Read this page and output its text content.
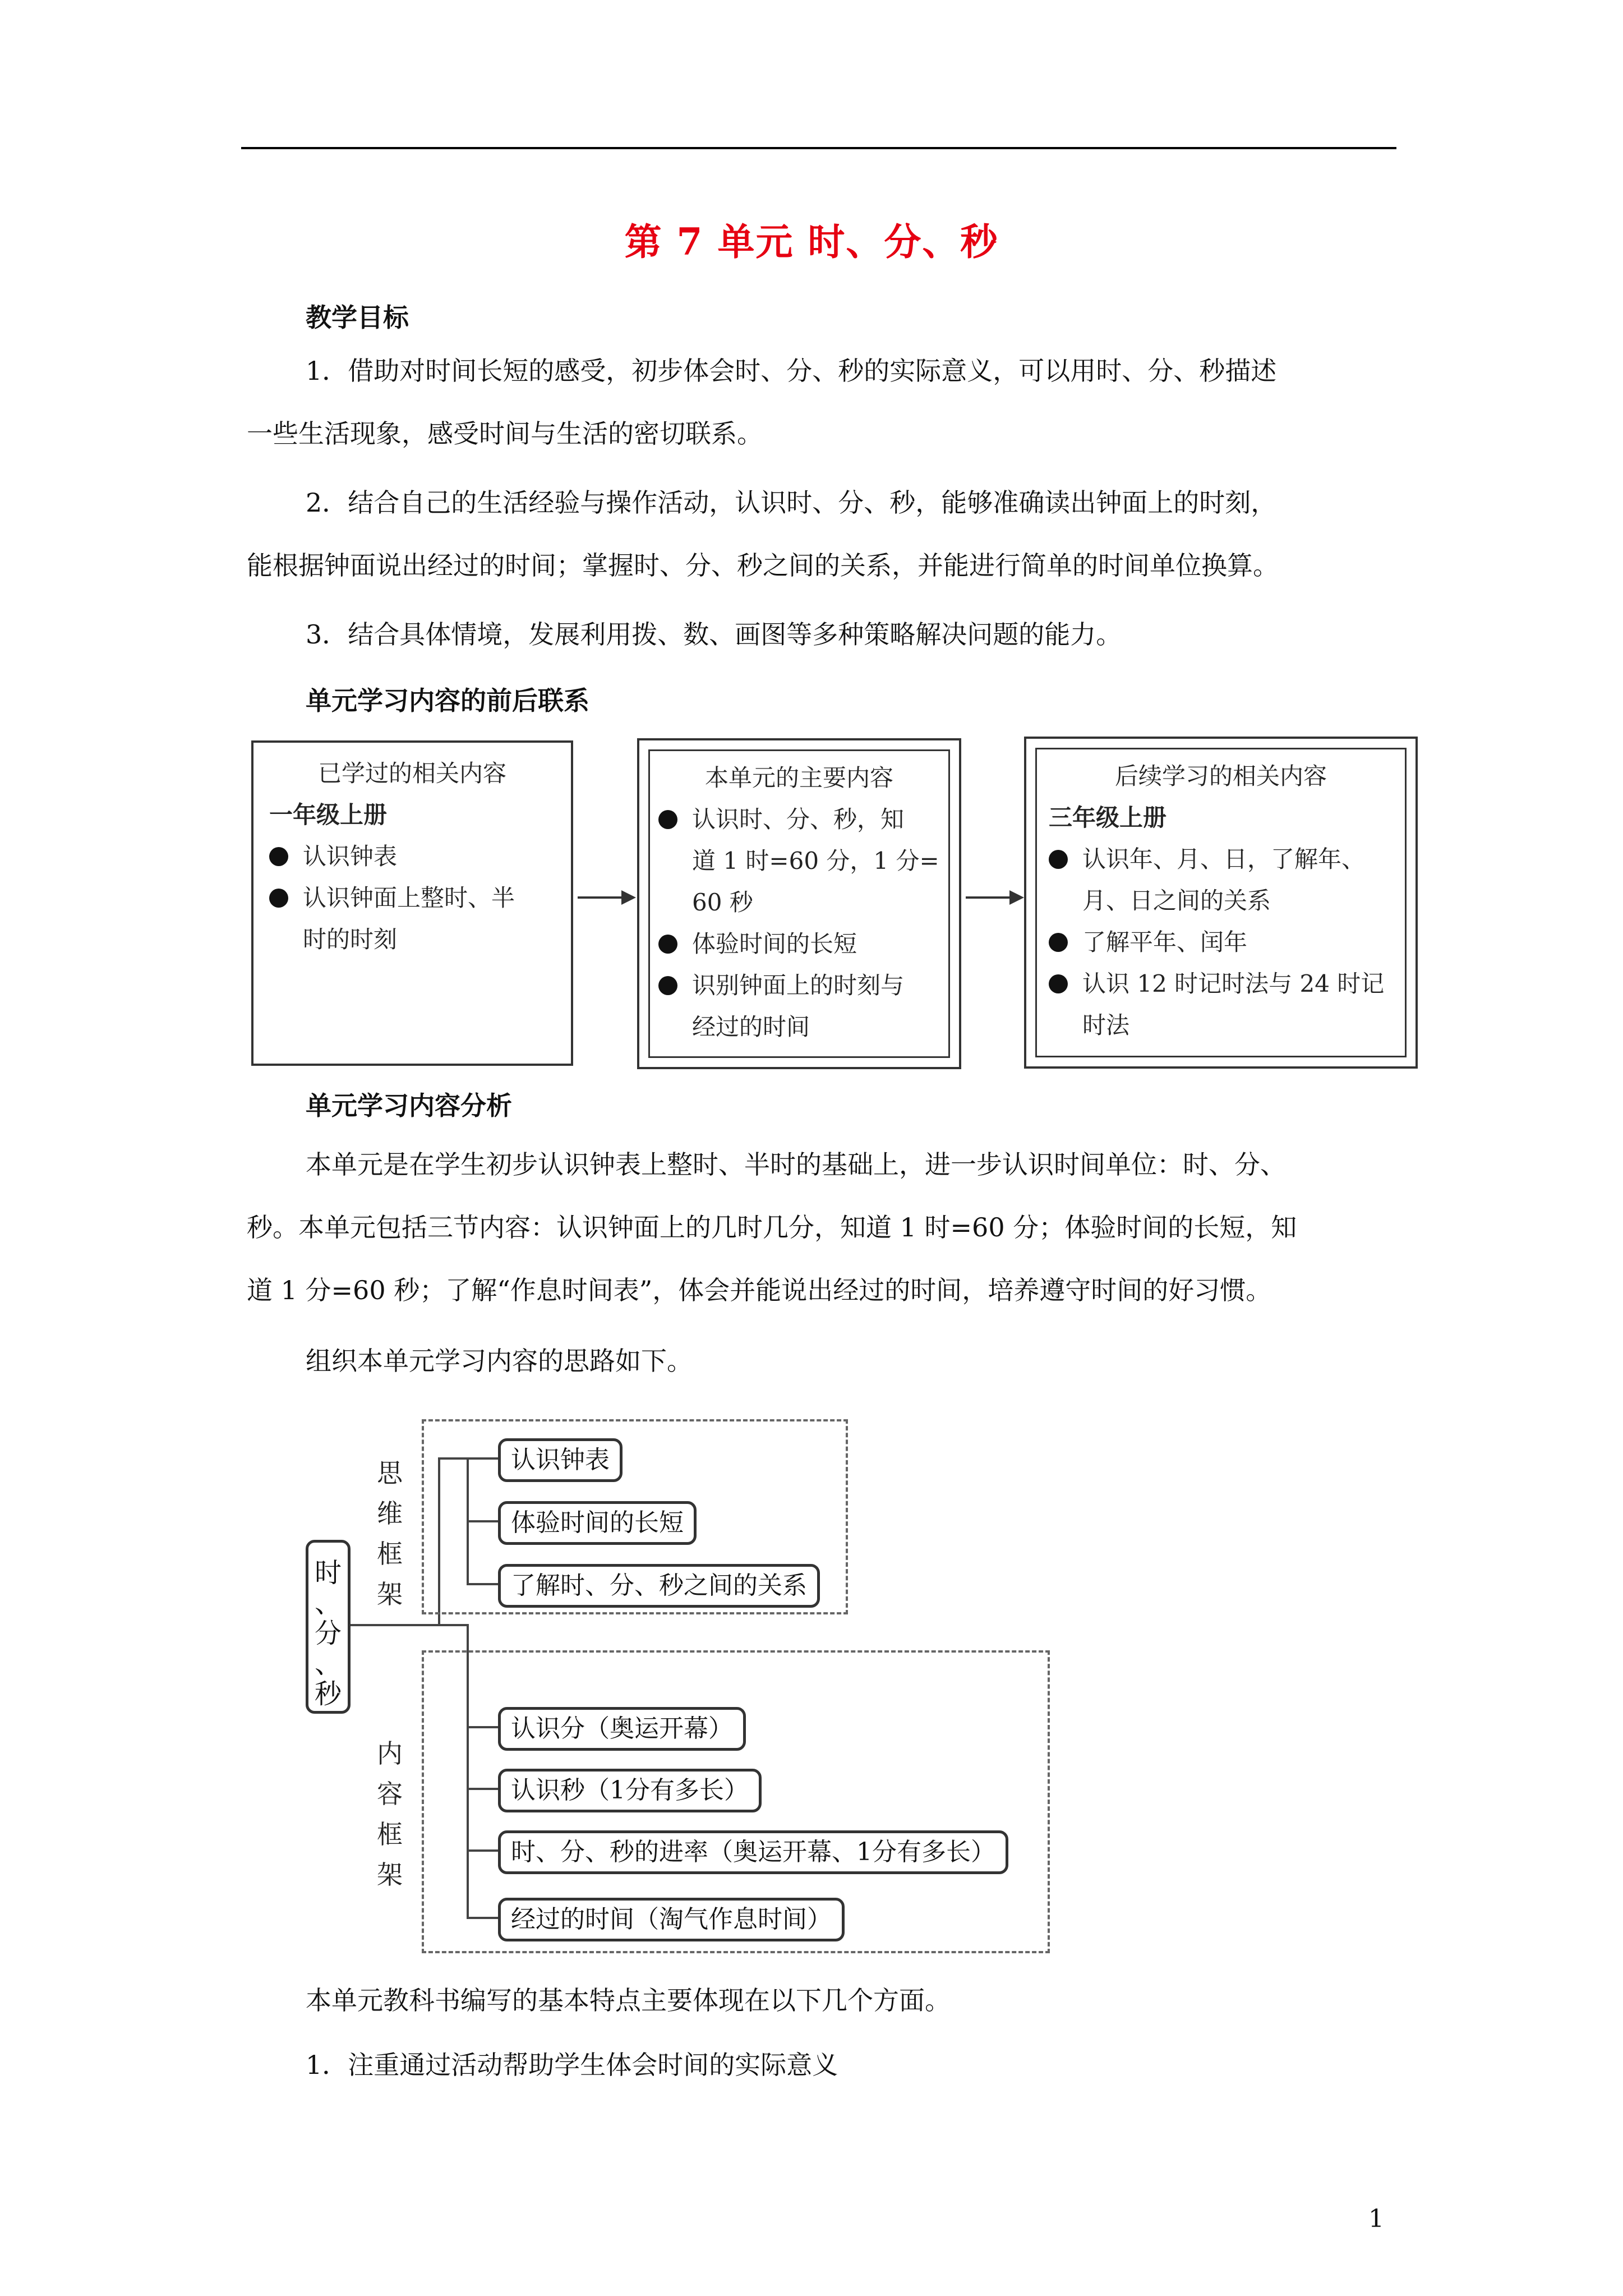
第 7 单元 时、分、秒
教学目标
1．借助对时间长短的感受，初步体会时、分、秒的实际意义，可以用时、分、秒描述
一些生活现象，感受时间与生活的密切联系。
2．结合自己的生活经验与操作活动，认识时、分、秒，能够准确读出钟面上的时刻，
能根据钟面说出经过的时间；掌握时、分、秒之间的关系，并能进行简单的时间单位换算。
3．结合具体情境，发展利用拨、数、画图等多种策略解决问题的能力。
单元学习内容的前后联系
已学过的相关内容
一年级上册
认识钟表
认识钟面上整时、半
时的时刻
本单元的主要内容
认识时、分、秒，知
道 1 时=60 分，1 分=
60 秒
体验时间的长短
识别钟面上的时刻与
经过的时间
后续学习的相关内容
三年级上册
认识年、月、日，了解年、
月、日之间的关系
了解平年、闰年
认识 12 时记时法与 24 时记
时法
单元学习内容分析
本单元是在学生初步认识钟表上整时、半时的基础上，进一步认识时间单位：时、分、
秒。本单元包括三节内容：认识钟面上的几时几分，知道 1 时=60 分；体验时间的长短，知
道 1 分=60 秒；了解“作息时间表”，体会并能说出经过的时间，培养遵守时间的好习惯。
组织本单元学习内容的思路如下。
时
、
分
、
秒
思
维
框
架
内
容
框
架
认识钟表
体验时间的长短
了解时、分、秒之间的关系
认识分（奥运开幕）
认识秒（1分有多长）
时、分、秒的进率（奥运开幕、1分有多长）
经过的时间（淘气作息时间）
本单元教科书编写的基本特点主要体现在以下几个方面。
1．注重通过活动帮助学生体会时间的实际意义
1
